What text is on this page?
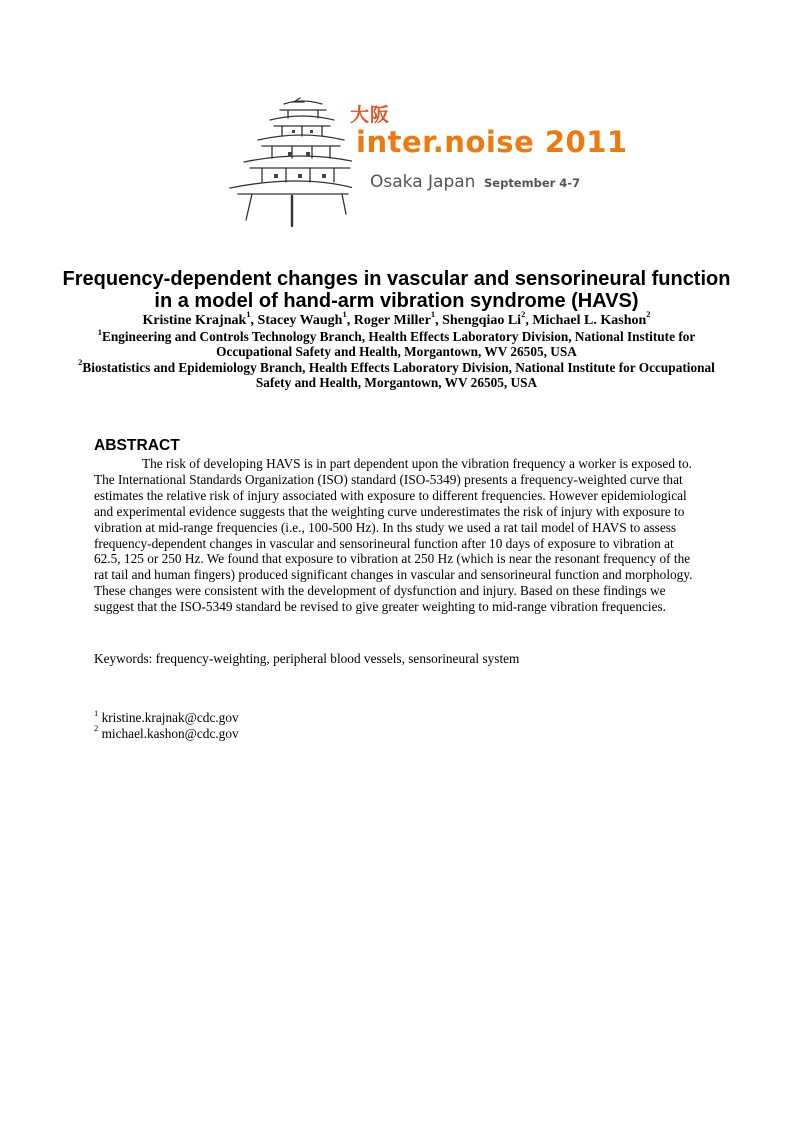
大阪
inter.noise 2011
Osaka Japan September 4-7
Frequency-dependent changes in vascular and sensorineural function in a model of hand-arm vibration syndrome (HAVS)

Kristine Krajnak$^1$, Stacey Waugh$^1$, Roger Miller$^1$, Shengqiao Li$^2$, Michael L. Kashon$^2$

$^1$Engineering and Controls Technology Branch, Health Effects Laboratory Division, National Institute for Occupational Safety and Health, Morgantown, WV 26505, USA

$^2$Biostatistics and Epidemiology Branch, Health Effects Laboratory Division, National Institute for Occupational Safety and Health, Morgantown, WV 26505, USA

ABSTRACT

The risk of developing HAVS is in part dependent upon the vibration frequency a worker is exposed to. The International Standards Organization (ISO) standard (ISO-5349) presents a frequency-weighted curve that estimates the relative risk of injury associated with exposure to different frequencies. However epidemiological and experimental evidence suggests that the weighting curve underestimates the risk of injury with exposure to vibration at mid-range frequencies (i.e., 100-500 Hz). In ths study we used a rat tail model of HAVS to assess frequency-dependent changes in vascular and sensorineural function after 10 days of exposure to vibration at 62.5, 125 or 250 Hz. We found that exposure to vibration at 250 Hz (which is near the resonant frequency of the rat tail and human fingers) produced significant changes in vascular and sensorineural function and morphology. These changes were consistent with the development of dysfunction and injury. Based on these findings we suggest that the ISO-5349 standard be revised to give greater weighting to mid-range vibration frequencies.

Keywords: frequency-weighting, peripheral blood vessels, sensorineural system

$^1$ kristine.krajnak@cdc.gov
$^2$ michael.kashon@cdc.gov
